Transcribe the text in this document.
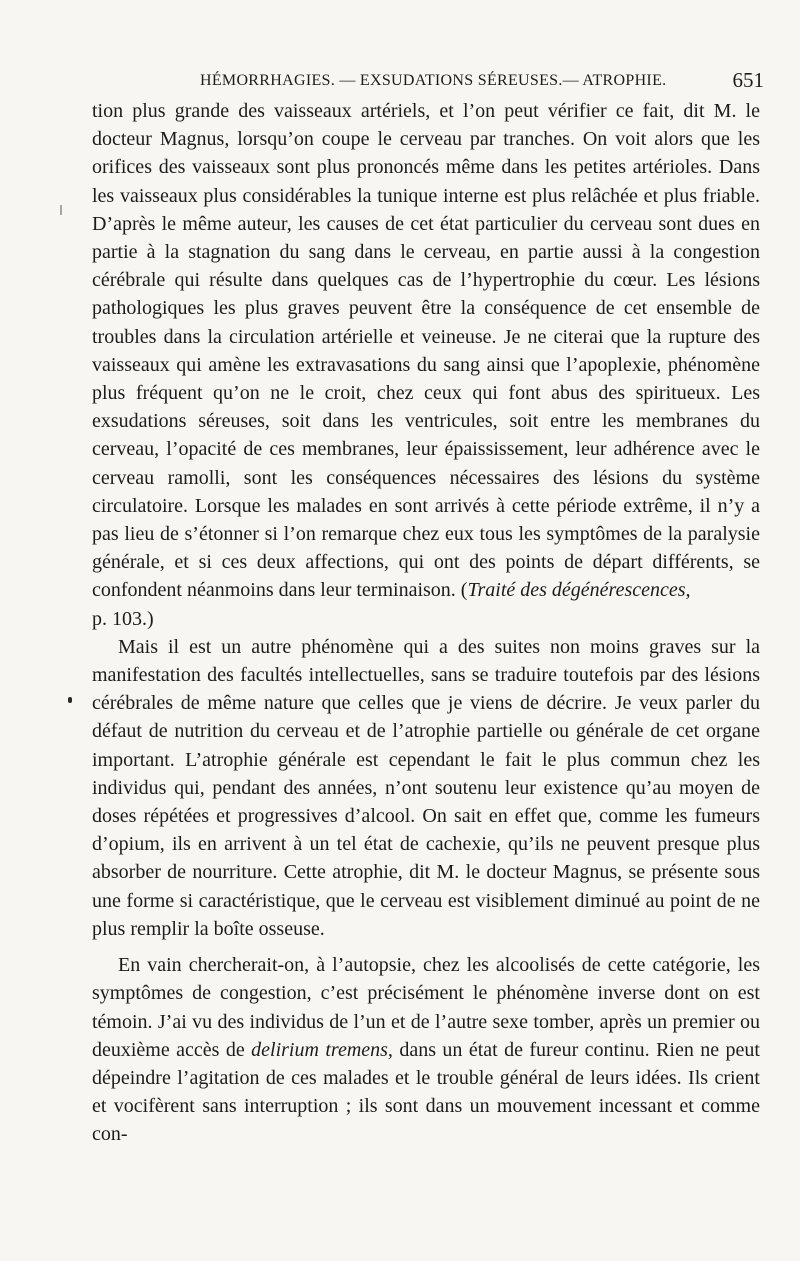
HÉMORRHAGIES. — EXSUDATIONS SÉREUSES.— ATROPHIE.	651

tion plus grande des vaisseaux artériels, et l’on peut vérifier ce fait, dit M. le docteur Magnus, lorsqu’on coupe le cerveau par tranches. On voit alors que les orifices des vaisseaux sont plus prononcés même dans les petites artérioles. Dans les vaisseaux plus considérables la tunique interne est plus relâchée et plus friable. D’après le même auteur, les causes de cet état particulier du cerveau sont dues en partie à la stagnation du sang dans le cerveau, en partie aussi à la congestion cérébrale qui résulte dans quelques cas de l’hypertrophie du cœur. Les lésions pathologiques les plus graves peuvent être la conséquence de cet ensemble de troubles dans la circulation artérielle et veineuse. Je ne citerai que la rupture des vaisseaux qui amène les extravasations du sang ainsi que l’apoplexie, phénomène plus fréquent qu’on ne le croit, chez ceux qui font abus des spiritueux. Les exsudations séreuses, soit dans les ventricules, soit entre les membranes du cerveau, l’opacité de ces membranes, leur épaississement, leur adhérence avec le cerveau ramolli, sont les conséquences nécessaires des lésions du système circulatoire. Lorsque les malades en sont arrivés à cette période extrême, il n’y a pas lieu de s’étonner si l’on remarque chez eux tous les symptômes de la paralysie générale, et si ces deux affections, qui ont des points de départ différents, se confondent néanmoins dans leur terminaison. (Traité des dégénérescences,
p. 103.)

Mais il est un autre phénomène qui a des suites non moins graves sur la manifestation des facultés intellectuelles, sans se traduire toutefois par des lésions cérébrales de même nature que celles que je viens de décrire. Je veux parler du défaut de nutrition du cerveau et de l’atrophie partielle ou générale de cet organe important. L’atrophie générale est cependant le fait le plus commun chez les individus qui, pendant des années, n’ont soutenu leur existence qu’au moyen de doses répétées et progressives d’alcool. On sait en effet que, comme les fumeurs d’opium, ils en arrivent à un tel état de cachexie, qu’ils ne peuvent presque plus absorber de nourriture. Cette atrophie, dit M. le docteur Magnus, se présente sous une forme si caractéristique, que le cerveau est visiblement diminué au point de ne plus remplir la boîte osseuse.

En vain chercherait-on, à l’autopsie, chez les alcoolisés de cette catégorie, les symptômes de congestion, c’est précisément le phénomène inverse dont on est témoin. J’ai vu des individus de l’un et de l’autre sexe tomber, après un premier ou deuxième accès de delirium tremens, dans un état de fureur continu. Rien ne peut dépeindre l’agitation de ces malades et le trouble général de leurs idées. Ils crient et vocifèrent sans interruption ; ils sont dans un mouvement incessant et comme con-
